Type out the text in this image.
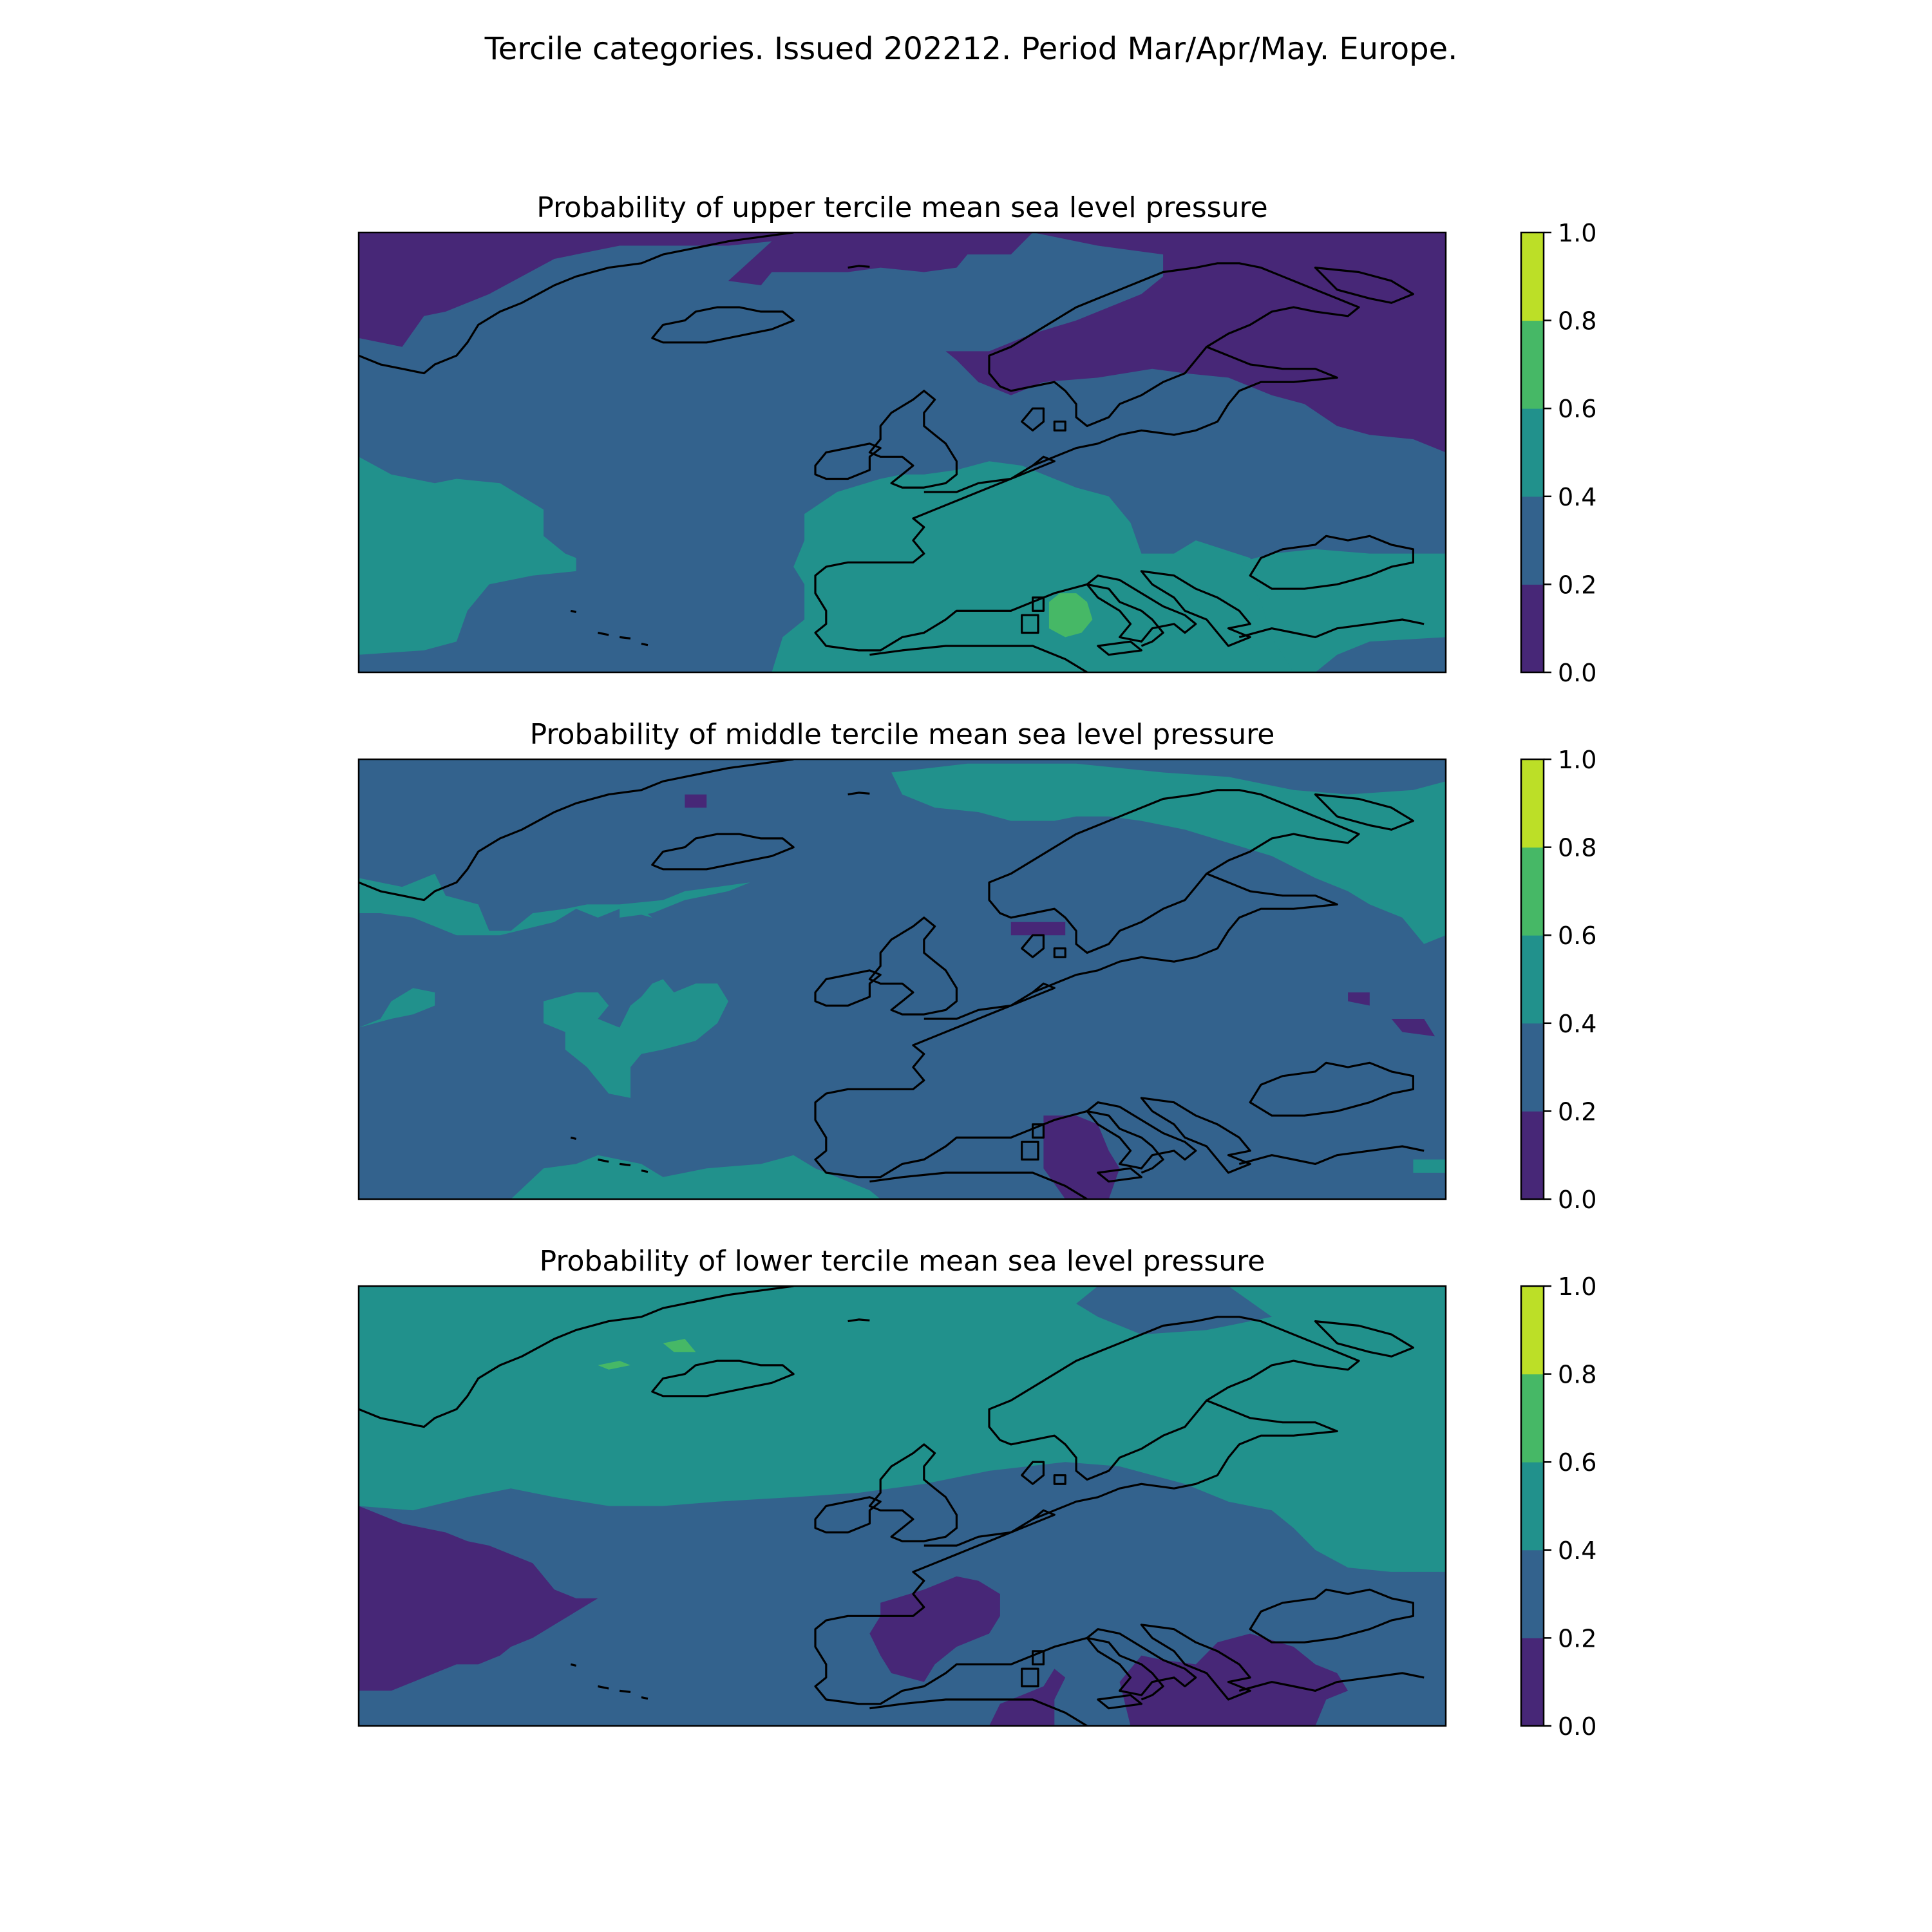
Tercile categories. Issued 202212. Period Mar/Apr/May. Europe.
Probability of upper tercile mean sea level pressure
0.0
0.2
0.4
0.6
0.8
1.0
Probability of middle tercile mean sea level pressure
0.0
0.2
0.4
0.6
0.8
1.0
Probability of lower tercile mean sea level pressure
0.0
0.2
0.4
0.6
0.8
1.0
